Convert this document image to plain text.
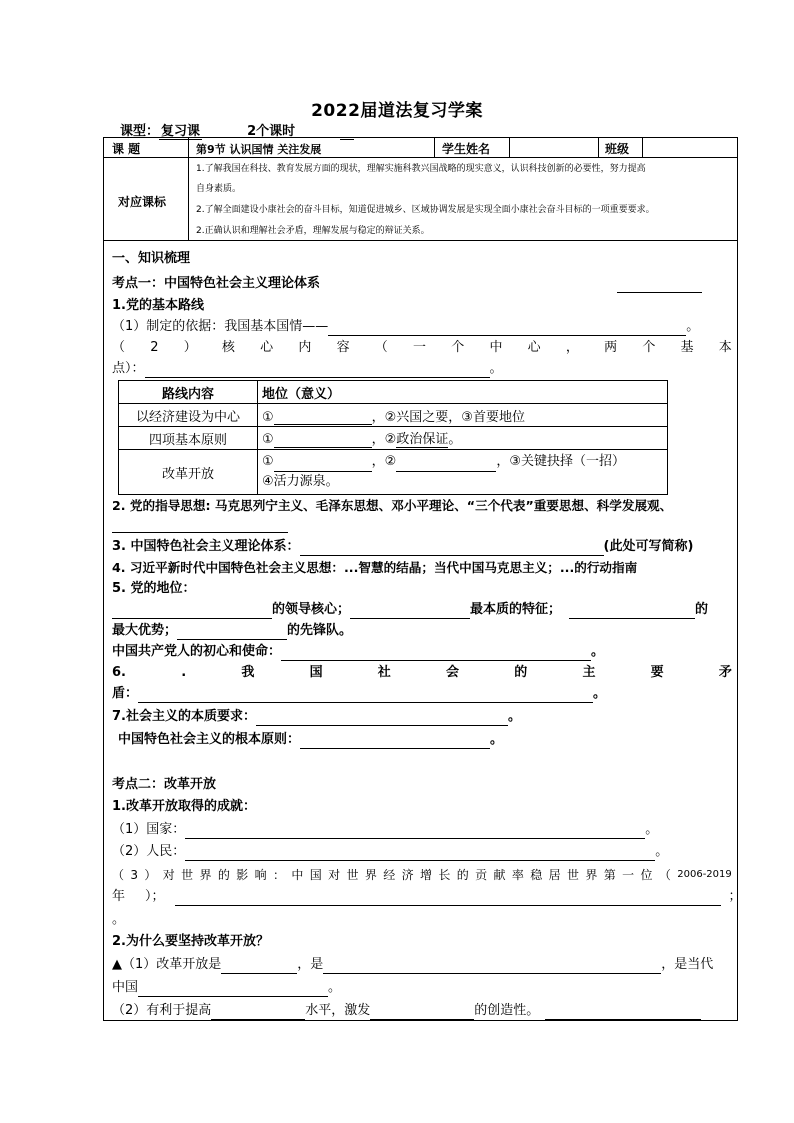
2022届道法复习学案
课型： 复习课	2个课时
课 题	第9节 认识国情 关注发展	学生姓名	班级
对应课标
1.了解我国在科技、教育发展方面的现状，理解实施科教兴国战略的现实意义，认识科技创新的必要性，努力提高
自身素质。
2.了解全面建设小康社会的奋斗目标，知道促进城乡、区域协调发展是实现全面小康社会奋斗目标的一项重要要求。
2.正确认识和理解社会矛盾，理解发展与稳定的辩证关系。
一、知识梳理
考点一：中国特色社会主义理论体系
1.党的基本路线
（1）制定的依据：我国基本国情——	。
（ 2 ） 核 心 内 容 （ 一 个 中 心 ， 两 个 基 本
点）：	。
路线内容	地位（意义）
以经济建设为中心	① ，②兴国之要，③首要地位
四项基本原则	① ，②政治保证。
改革开放	① ，② ，③关键抉择（一招）
④活力源泉。
2. 党的指导思想: 马克思列宁主义、毛泽东思想、邓小平理论、“三个代表”重要思想、科学发展观、
3. 中国特色社会主义理论体系：	(此处可写简称)
4. 习近平新时代中国特色社会主义思想：...智慧的结晶；当代中国马克思主义；...的行动指南
5. 党的地位：
的领导核心；	最本质的特征；	的
最大优势；	的先锋队。
中国共产党人的初心和使命：	。
6.	.	我	国	社	会	的	主	要	矛
盾：	。
7.社会主义的本质要求：	。
中国特色社会主义的根本原则：	。
考点二：改革开放
1.改革开放取得的成就：
（1）国家：	。
（2）人民：	。
（ 3 ） 对 世 界 的 影 响 ： 中 国 对 世 界 经 济 增 长 的 贡 献 率 稳 居 世 界 第 一 位 （ 2006-2019
年 ）；	；
。
2.为什么要坚持改革开放？
▲（1）改革开放是	，是	，是当代
中国	。
（2）有利于提高	水平，激发	的创造性。
